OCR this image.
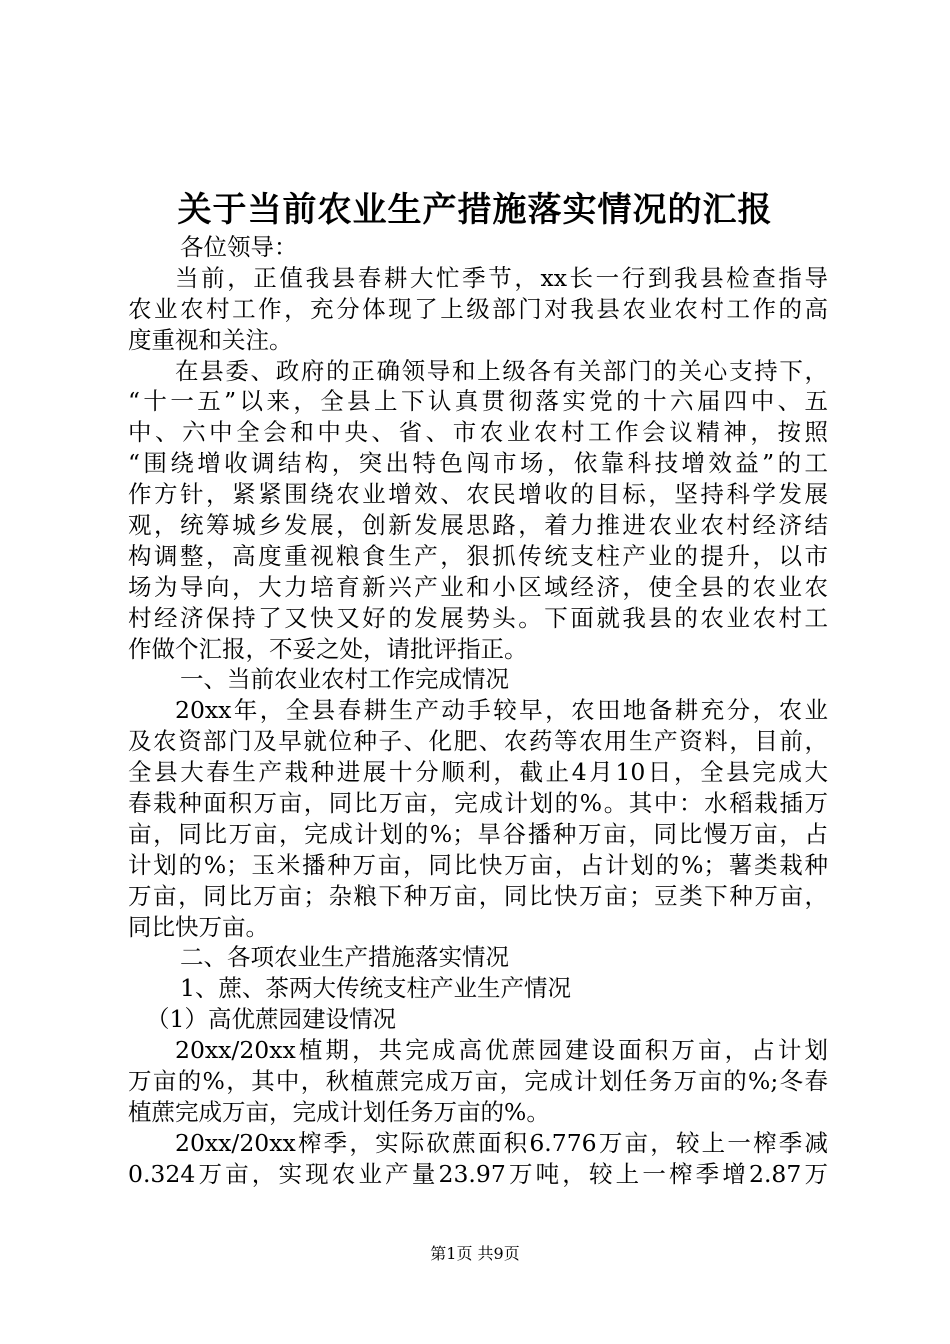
关于当前农业生产措施落实情况的汇报
各位领导：
当前，正值我县春耕大忙季节，xx长一行到我县检查指导
农业农村工作，充分体现了上级部门对我县农业农村工作的高
度重视和关注。
在县委、政府的正确领导和上级各有关部门的关心支持下，
“十一五”以来，全县上下认真贯彻落实党的十六届四中、五
中、六中全会和中央、省、市农业农村工作会议精神，按照
“围绕增收调结构，突出特色闯市场，依靠科技增效益”的工
作方针，紧紧围绕农业增效、农民增收的目标，坚持科学发展
观，统筹城乡发展，创新发展思路，着力推进农业农村经济结
构调整，高度重视粮食生产，狠抓传统支柱产业的提升，以市
场为导向，大力培育新兴产业和小区域经济，使全县的农业农
村经济保持了又快又好的发展势头。下面就我县的农业农村工
作做个汇报，不妥之处，请批评指正。
一、当前农业农村工作完成情况
20xx年，全县春耕生产动手较早，农田地备耕充分，农业
及农资部门及早就位种子、化肥、农药等农用生产资料，目前，
全县大春生产栽种进展十分顺利，截止4月10日，全县完成大
春栽种面积万亩，同比万亩，完成计划的%。其中：水稻栽插万
亩，同比万亩，完成计划的%；旱谷播种万亩，同比慢万亩，占
计划的%；玉米播种万亩，同比快万亩，占计划的%；薯类栽种
万亩，同比万亩；杂粮下种万亩，同比快万亩；豆类下种万亩，
同比快万亩。
二、各项农业生产措施落实情况
1、蔗、茶两大传统支柱产业生产情况
（1）高优蔗园建设情况
20xx/20xx植期，共完成高优蔗园建设面积万亩，占计划
万亩的%，其中，秋植蔗完成万亩，完成计划任务万亩的%;冬春
植蔗完成万亩，完成计划任务万亩的%。
20xx/20xx榨季，实际砍蔗面积6.776万亩，较上一榨季减
0.324万亩，实现农业产量23.97万吨，较上一榨季增2.87万
第1页 共9页
